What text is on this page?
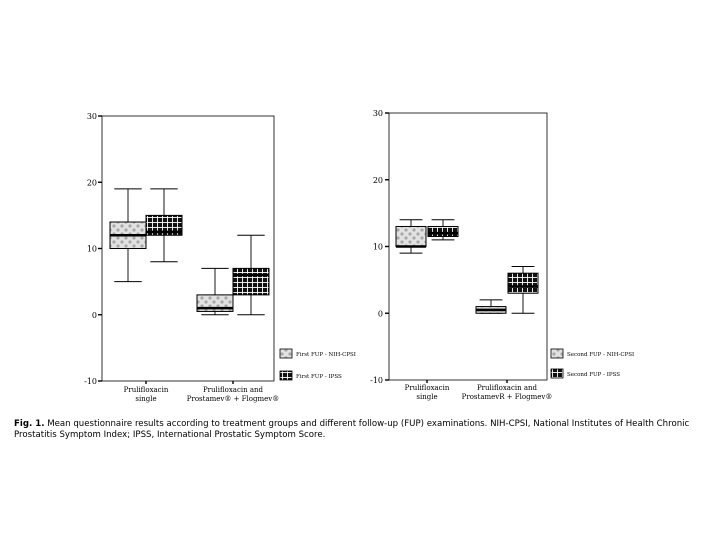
-10
0
10
20
30
Prulifloxacin single
Prulifloxacin and Prostamev® + Flogmev®
First FUP - NIH-CPSI
First FUP - IPSS	-10
0
10
20
30
Prulifloxacin single
Prulifloxacin and ProstamevR + Flogmev®
Second FUP - NIH-CPSI
Second FUP - IPSS

Fig. 1. Mean questionnaire results according to treatment groups and different follow-up (FUP) examinations. NIH-CPSI, National Institutes of Health Chronic Prostatitis Symptom Index; IPSS, International Prostatic Symptom Score.
